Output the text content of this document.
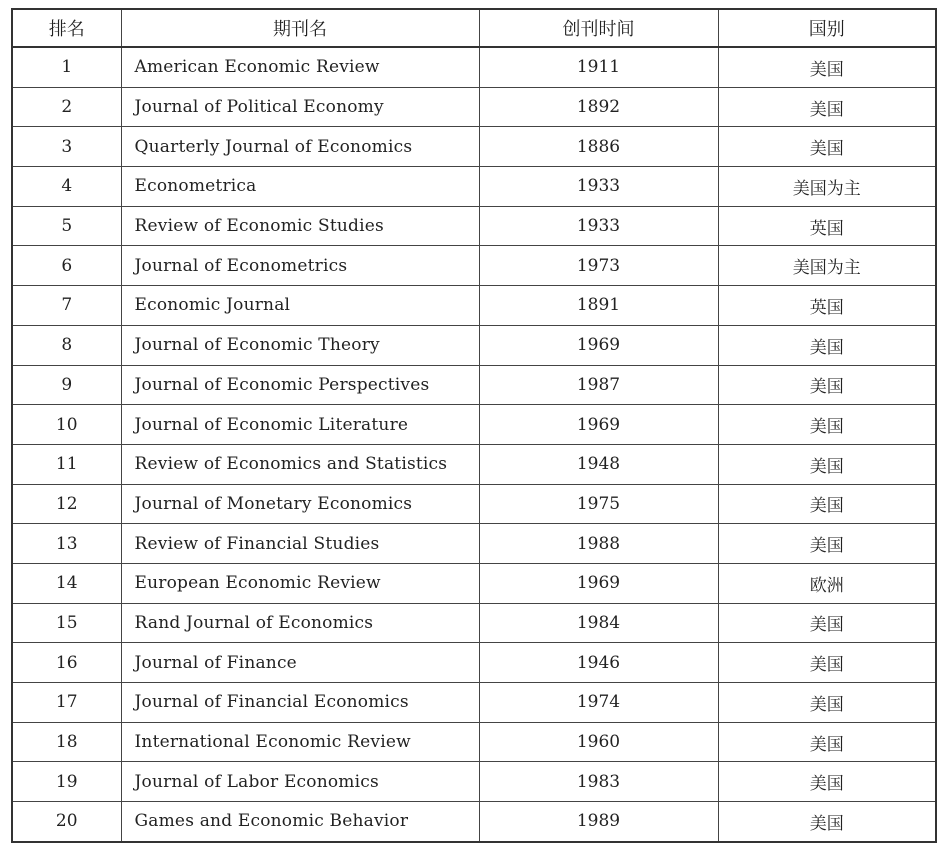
排名	期刊名	创刊时间	国别
1	American Economic Review	1911	美国
2	Journal of Political Economy	1892	美国
3	Quarterly Journal of Economics	1886	美国
4	Econometrica	1933	美国为主
5	Review of Economic Studies	1933	英国
6	Journal of Econometrics	1973	美国为主
7	Economic Journal	1891	英国
8	Journal of Economic Theory	1969	美国
9	Journal of Economic Perspectives	1987	美国
10	Journal of Economic Literature	1969	美国
11	Review of Economics and Statistics	1948	美国
12	Journal of Monetary Economics	1975	美国
13	Review of Financial Studies	1988	美国
14	European Economic Review	1969	欧洲
15	Rand Journal of Economics	1984	美国
16	Journal of Finance	1946	美国
17	Journal of Financial Economics	1974	美国
18	International Economic Review	1960	美国
19	Journal of Labor Economics	1983	美国
20	Games and Economic Behavior	1989	美国
